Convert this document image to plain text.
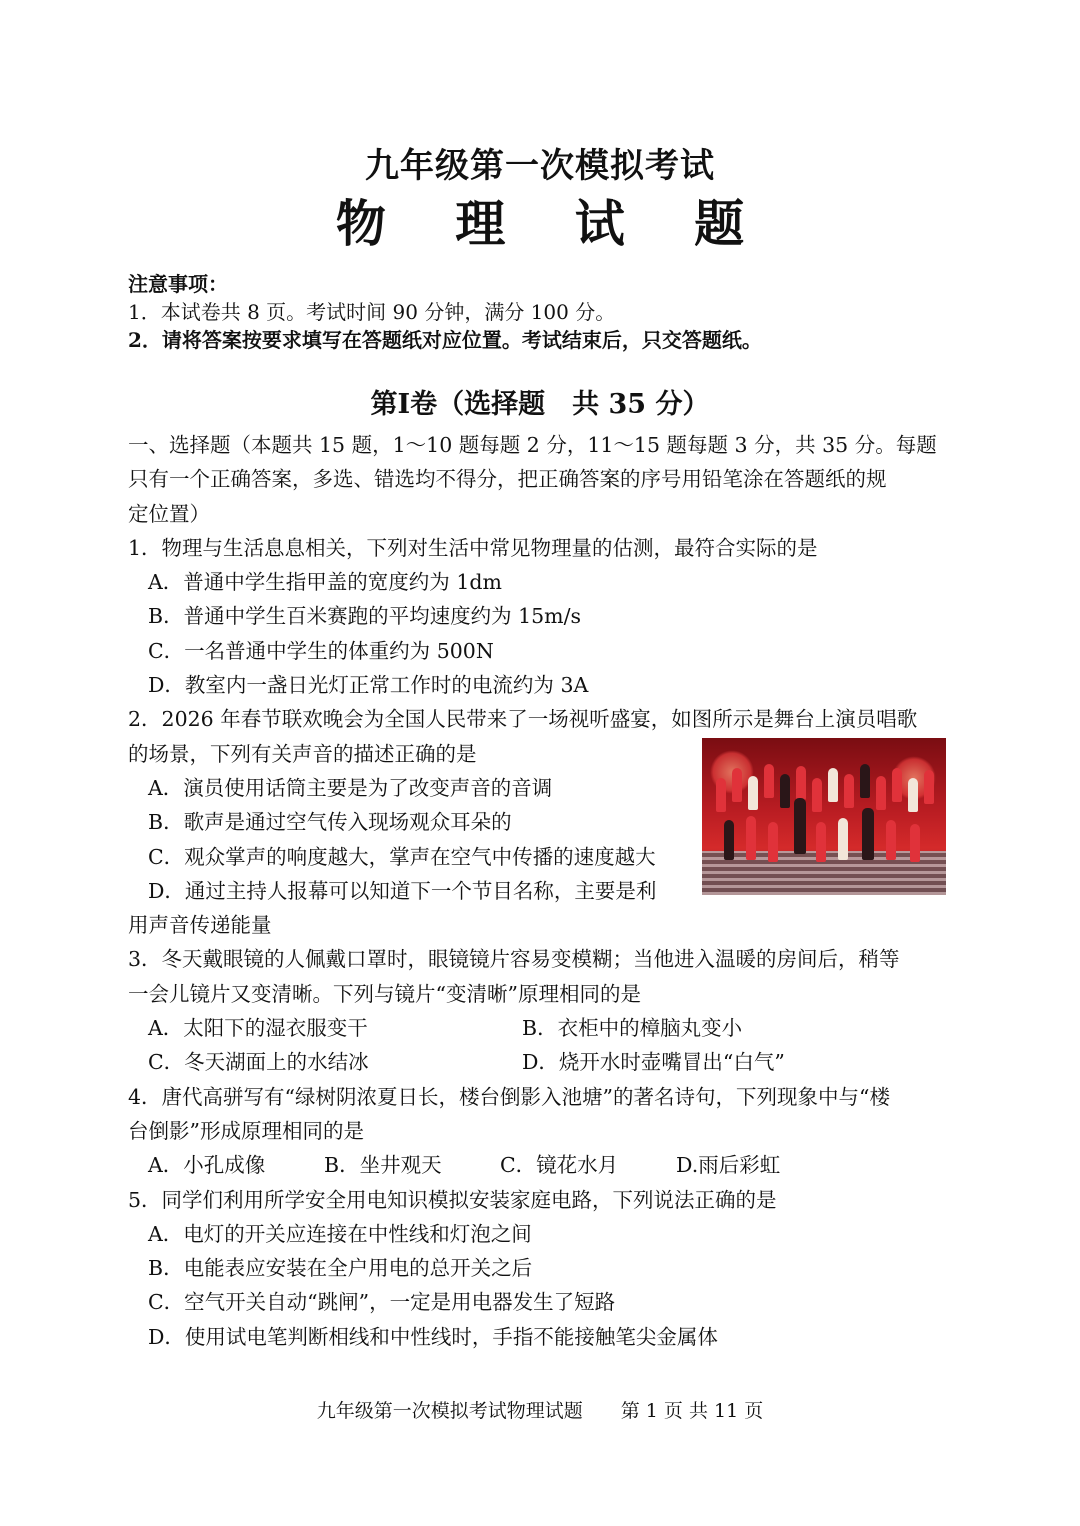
九年级第一次模拟考试
物 理 试 题
注意事项：
1．本试卷共 8 页。考试时间 90 分钟，满分 100 分。
2．请将答案按要求填写在答题纸对应位置。考试结束后，只交答题纸。
第Ⅰ卷（选择题　共 35 分）
一、选择题（本题共 15 题，1～10 题每题 2 分，11～15 题每题 3 分，共 35 分。每题
只有一个正确答案，多选、错选均不得分，把正确答案的序号用铅笔涂在答题纸的规
定位置）
1．物理与生活息息相关，下列对生活中常见物理量的估测，最符合实际的是
A．普通中学生指甲盖的宽度约为 1dm
B．普通中学生百米赛跑的平均速度约为 15m/s
C．一名普通中学生的体重约为 500N
D．教室内一盏日光灯正常工作时的电流约为 3A
2．2026 年春节联欢晚会为全国人民带来了一场视听盛宴，如图所示是舞台上演员唱歌
的场景，下列有关声音的描述正确的是
A．演员使用话筒主要是为了改变声音的音调
B．歌声是通过空气传入现场观众耳朵的
C．观众掌声的响度越大，掌声在空气中传播的速度越大
D．通过主持人报幕可以知道下一个节目名称，主要是利
用声音传递能量
3．冬天戴眼镜的人佩戴口罩时，眼镜镜片容易变模糊；当他进入温暖的房间后，稍等
一会儿镜片又变清晰。下列与镜片“变清晰”原理相同的是
A．太阳下的湿衣服变干	B．衣柜中的樟脑丸变小
C．冬天湖面上的水结冰	D．烧开水时壶嘴冒出“白气”
4．唐代高骈写有“绿树阴浓夏日长，楼台倒影入池塘”的著名诗句，下列现象中与“楼
台倒影”形成原理相同的是
A．小孔成像	B．坐井观天	C．镜花水月	D.雨后彩虹
5．同学们利用所学安全用电知识模拟安装家庭电路，下列说法正确的是
A．电灯的开关应连接在中性线和灯泡之间
B．电能表应安装在全户用电的总开关之后
C．空气开关自动“跳闸”，一定是用电器发生了短路
D．使用试电笔判断相线和中性线时，手指不能接触笔尖金属体
九年级第一次模拟考试物理试题　　第 1 页 共 11 页
